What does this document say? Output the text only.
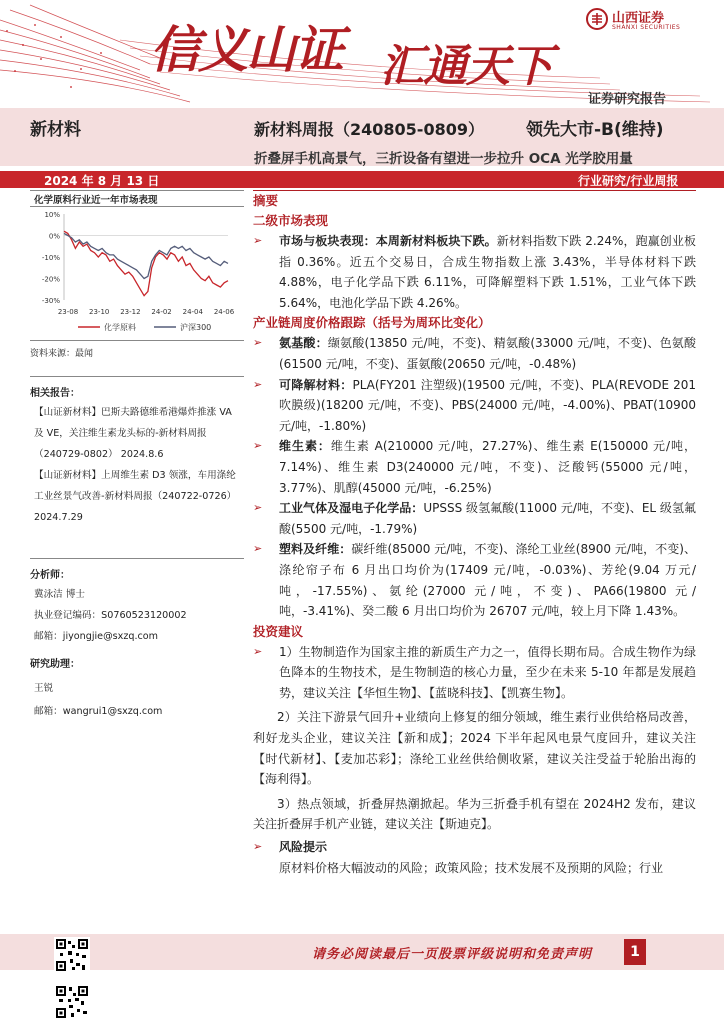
信义山证 汇通天下
山西证券
SHANXI SECURITIES
证券研究报告
新材料	新材料周报（240805-0809） 领先大市-B(维持)
折叠屏手机高景气，三折设备有望进一步拉升 OCA 光学胶用量
2024 年 8 月 13 日	行业研究/行业周报
化学原料行业近一年市场表现
10%
0%
-10%
-20%
-30%
23-08 23-10 23-12 24-02 24-04 24-06
化学原料	沪深300
资料来源：最闻
相关报告：
【山证新材料】巴斯夫路德维希港爆炸推涨 VA 及 VE，关注维生素龙头标的-新材料周报（240729-0802） 2024.8.6
【山证新材料】上周维生素 D3 领涨，车用涤纶工业丝景气改善-新材料周报（240722-0726） 2024.7.29
分析师：
冀泳洁 博士
执业登记编码：S0760523120002
邮箱：jiyongjie@sxzq.com
研究助理：
王锐
邮箱：wangrui1@sxzq.com
摘要
二级市场表现
➢ 市场与板块表现：本周新材料板块下跌。新材料指数下跌 2.24%，跑赢创业板指 0.36%。近五个交易日，合成生物指数上涨 3.43%，半导体材料下跌 4.88%，电子化学品下跌 6.11%，可降解塑料下跌 1.51%，工业气体下跌 5.64%，电池化学品下跌 4.26%。
产业链周度价格跟踪（括号为周环比变化）
➢ 氨基酸：缬氨酸(13850 元/吨，不变)、精氨酸(33000 元/吨，不变)、色氨酸(61500 元/吨，不变)、蛋氨酸(20650 元/吨，-0.48%)
➢ 可降解材料：PLA(FY201 注塑级)(19500 元/吨，不变)、PLA(REVODE 201 吹膜级)(18200 元/吨，不变)、PBS(24000 元/吨，-4.00%)、PBAT(10900 元/吨，-1.80%)
➢ 维生素：维生素 A(210000 元/吨，27.27%)、维生素 E(150000 元/吨，7.14%)、维生素 D3(240000 元/吨，不变)、泛酸钙(55000 元/吨，3.77%)、肌醇(45000 元/吨，-6.25%)
➢ 工业气体及湿电子化学品：UPSSS 级氢氟酸(11000 元/吨，不变)、EL 级氢氟酸(5500 元/吨，-1.79%)
➢ 塑料及纤维：碳纤维(85000 元/吨，不变)、涤纶工业丝(8900 元/吨，不变)、涤纶帘子布 6 月出口均价为(17409 元/吨，-0.03%)、芳纶(9.04 万元/吨，-17.55%)、氨纶(27000 元/吨，不变)、PA66(19800 元/吨，-3.41%)、癸二酸 6 月出口均价为 26707 元/吨，较上月下降 1.43%。
投资建议
➢ 1）生物制造作为国家主推的新质生产力之一，值得长期布局。合成生物作为绿色降本的生物技术，是生物制造的核心力量，至少在未来 5-10 年都是发展趋势，建议关注【华恒生物】、【蓝晓科技】、【凯赛生物】。
2）关注下游景气回升+业绩向上修复的细分领域，维生素行业供给格局改善，利好龙头企业，建议关注【新和成】；2024 下半年起风电景气度回升，建议关注【时代新材】、【麦加芯彩】；涤纶工业丝供给侧收紧，建议关注受益于轮胎出海的【海利得】。
3）热点领域，折叠屏热潮掀起。华为三折叠手机有望在 2024H2 发布，建议关注折叠屏手机产业链，建议关注【斯迪克】。
➢ 风险提示
原材料价格大幅波动的风险；政策风险；技术发展不及预期的风险；行业
请务必阅读最后一页股票评级说明和免责声明	1
